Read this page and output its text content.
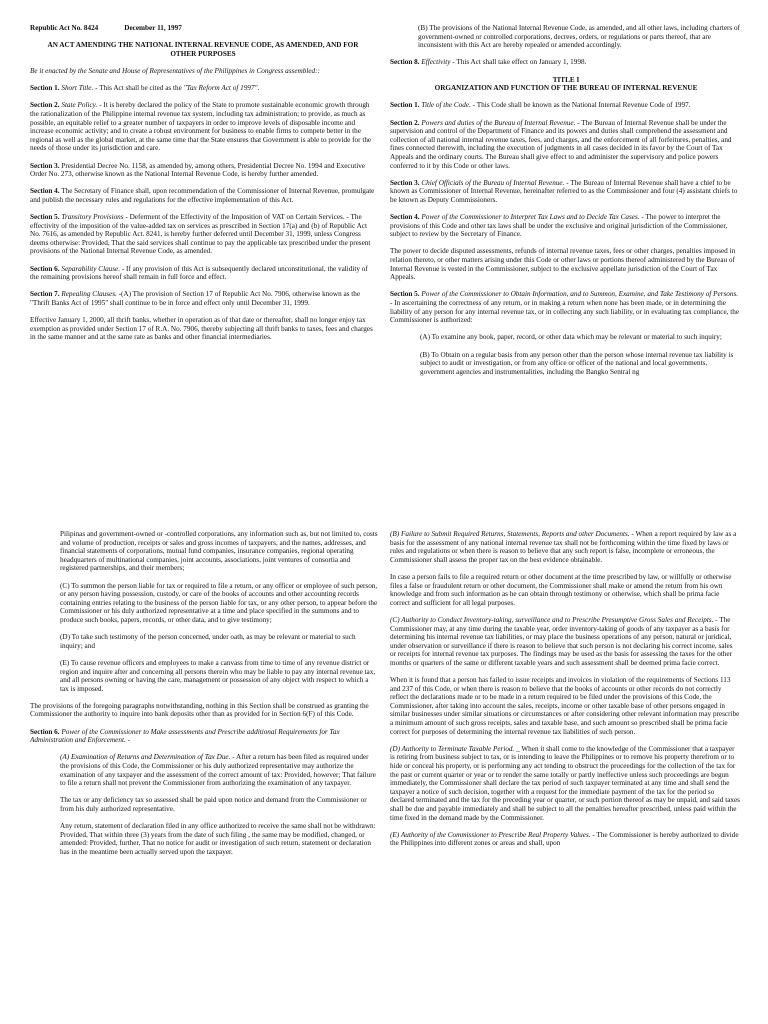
Republic Act No. 8424	December 11, 1997

AN ACT AMENDING THE NATIONAL INTERNAL REVENUE CODE, AS AMENDED, AND FOR OTHER PURPOSES

Be it enacted by the Senate and House of Representatives of the Philippines in Congress assembled::

Section 1. Short Title. - This Act shall be cited as the "Tax Reform Act of 1997".

Section 2. State Policy. - It is hereby declared the policy of the State to promote sustainable economic growth through the rationalization of the Philippine internal revenue tax system, including tax administration; to provide, as much as possible, an equitable relief to a greater number of taxpayers in order to improve levels of disposable income and increase economic activity; and to create a robust environment for business to enable firms to compete better in the regional as well as the global market, at the same time that the State ensures that Government is able to provide for the needs of those under its jurisdiction and care.

Section 3. Presidential Decree No. 1158, as amended by, among others, Presidential Decree No. 1994 and Executive Order No. 273, otherwise known as the National Internal Revenue Code, is hereby further amended.

Section 4. The Secretary of Finance shall, upon recommendation of the Commissioner of Internal Revenue, promulgate and publish the necessary rules and regulations for the effective implementation of this Act.

Section 5. Transitory Provisions - Deferment of the Effectivity of the Imposition of VAT on Certain Services. - The effectivity of the imposition of the value-added tax on services as prescribed in Section 17(a) and (b) of Republic Act No. 7616, as amended by Republic Act. 8241, is hereby further deferred until December 31, 1999, unless Congress deems otherwise: Provided, That the said services shall continue to pay the applicable tax prescribed under the present provisions of the National Internal Revenue Code, as amended.

Section 6. Separability Clause. - If any provision of this Act is subsequently declared unconstitutional, the validity of the remaining provisions hereof shall remain in full force and effect.

Section 7. Repealing Clauses. -(A) The provision of Section 17 of Republic Act No. 7906, otherwise known as the "Thrift Banks Act of 1995" shall continue to be in force and effect only until December 31, 1999.

Effective January 1, 2000, all thrift banks, whether in operation as of that date or thereafter, shall no longer enjoy tax exemption as provided under Section 17 of R.A. No. 7906, thereby subjecting all thrift banks to taxes, fees and charges in the same manner and at the same rate as banks and other financial intermediaries.

(B) The provisions of the National Internal Revenue Code, as amended, and all other laws, including charters of government-owned or controlled corporations, decrees, orders, or regulations or parts thereof, that are inconsistent with this Act are hereby repealed or amended accordingly.

Section 8. Effectivity - This Act shall take effect on January 1, 1998.

TITLE I

ORGANIZATION AND FUNCTION OF THE BUREAU OF INTERNAL REVENUE

Section 1. Title of the Code. - This Code shall be known as the National Internal Revenue Code of 1997.

Section 2. Powers and duties of the Bureau of Internal Revenue. - The Bureau of Internal Revenue shall be under the supervision and control of the Department of Finance and its powers and duties shall comprehend the assessment and collection of all national internal revenue taxes, fees, and charges, and the enforcement of all forfeitures, penalties, and fines connected therewith, including the execution of judgments in all cases decided in its favor by the Court of Tax Appeals and the ordinary courts. The Bureau shall give effect to and administer the supervisory and police powers conferred to it by this Code or other laws.

Section 3. Chief Officials of the Bureau of Internal Revenue. - The Bureau of Internal Revenue shall have a chief to be known as Commissioner of Internal Revenue, hereinafter referred to as the Commissioner and four (4) assistant chiefs to be known as Deputy Commissioners.

Section 4. Power of the Commissioner to Interpret Tax Laws and to Decide Tax Cases. - The power to interpret the provisions of this Code and other tax laws shall be under the exclusive and original jurisdiction of the Commissioner, subject to review by the Secretary of Finance.

The power to decide disputed assessments, refunds of internal revenue taxes, fees or other charges, penalties imposed in relation thereto, or other matters arising under this Code or other laws or portions thereof administered by the Bureau of Internal Revenue is vested in the Commissioner, subject to the exclusive appellate jurisdiction of the Court of Tax Appeals.

Section 5. Power of the Commissioner to Obtain Information, and to Summon, Examine, and Take Testimony of Persons. - In ascertaining the correctness of any return, or in making a return when none has been made, or in determining the liability of any person for any internal revenue tax, or in collecting any such liability, or in evaluating tax compliance, the Commissioner is authorized:

(A) To examine any book, paper, record, or other data which may be relevant or material to such inquiry;

(B) To Obtain on a regular basis from any person other than the person whose internal revenue tax liability is subject to audit or investigation, or from any office or officer of the national and local governments, government agencies and instrumentalities, including the Bangko Sentral ng

Pilipinas and government-owned or -controlled corporations, any information such as, but not limited to, costs and volume of production, receipts or sales and gross incomes of taxpayers, and the names, addresses, and financial statements of corporations, mutual fund companies, insurance companies, regional operating headquarters of multinational companies, joint accounts, associations, joint ventures of consortia and registered partnerships, and their members;

(C) To summon the person liable for tax or required to file a return, or any officer or employee of such person, or any person having possession, custody, or care of the books of accounts and other accounting records containing entries relating to the business of the person liable for tax, or any other person, to appear before the Commissioner or his duly authorized representative at a time and place specified in the summons and to produce such books, papers, records, or other data, and to give testimony;

(D) To take such testimony of the person concerned, under oath, as may be relevant or material to such inquiry; and

(E) To cause revenue officers and employees to make a canvass from time to time of any revenue district or region and inquire after and concerning all persons therein who may be liable to pay any internal revenue tax, and all persons owning or having the care, management or possession of any object with respect to which a tax is imposed.

The provisions of the foregoing paragraphs notwithstanding, nothing in this Section shall be construed as granting the Commissioner the authority to inquire into bank deposits other than as provided for in Section 6(F) of this Code.

Section 6. Power of the Commissioner to Make assessments and Prescribe additional Requirements for Tax Administration and Enforcement. -

(A) Examination of Returns and Determination of Tax Due. - After a return has been filed as required under the provisions of this Code, the Commissioner or his duly authorized representative may authorize the examination of any taxpayer and the assessment of the correct amount of tax: Provided, however; That failure to file a return shall not prevent the Commissioner from authorizing the examination of any taxpayer.

The tax or any deficiency tax so assessed shall be paid upon notice and demand from the Commissioner or from his duly authorized representative.

Any return, statement of declaration filed in any office authorized to receive the same shall not be withdrawn: Provided, That within three (3) years from the date of such filing , the same may be modified, changed, or amended: Provided, further, That no notice for audit or investigation of such return, statement or declaration has in the meantime been actually served upon the taxpayer.

(B) Failure to Submit Required Returns, Statements, Reports and other Documents. - When a report required by law as a basis for the assessment of any national internal revenue tax shall not be forthcoming within the time fixed by laws or rules and regulations or when there is reason to believe that any such report is false, incomplete or erroneous, the Commissioner shall assess the proper tax on the best evidence obtainable.

In case a person fails to file a required return or other document at the time prescribed by law, or willfully or otherwise files a false or fraudulent return or other document, the Commissioner shall make or amend the return from his own knowledge and from such information as he can obtain through testimony or otherwise, which shall be prima facie correct and sufficient for all legal purposes.

(C) Authority to Conduct Inventory-taking, surveillance and to Prescribe Presumptive Gross Sales and Receipts. - The Commissioner may, at any time during the taxable year, order inventory-taking of goods of any taxpayer as a basis for determining his internal revenue tax liabilities, or may place the business operations of any person, natural or juridical, under observation or surveillance if there is reason to believe that such person is not declaring his correct income, sales or receipts for internal revenue tax purposes. The findings may be used as the basis for assessing the taxes for the other months or quarters of the same or different taxable years and such assessment shall be deemed prima facie correct.

When it is found that a person has failed to issue receipts and invoices in violation of the requirements of Sections 113 and 237 of this Code, or when there is reason to believe that the books of accounts or other records do not correctly reflect the declarations made or to be made in a return required to be filed under the provisions of this Code, the Commissioner, after taking into account the sales, receipts, income or other taxable base of other persons engaged in similar businesses under similar situations or circumstances or after considering other relevant information may prescribe a minimum amount of such gross receipts, sales and taxable base, and such amount so prescribed shall be prima facie correct for purposes of determining the internal revenue tax liabilities of such person.

(D) Authority to Terminate Taxable Period. _ When it shall come to the knowledge of the Commissioner that a taxpayer is retiring from business subject to tax, or is intending to leave the Philippines or to remove his property therefrom or to hide or conceal his property, or is performing any act tending to obstruct the proceedings for the collection of the tax for the past or current quarter or year or to render the same totally or partly ineffective unless such proceedings are begun immediately, the Commissioner shall declare the tax period of such taxpayer terminated at any time and shall send the taxpayer a notice of such decision, together with a request for the immediate payment of the tax for the period so declared terminated and the tax for the preceding year or quarter, or such portion thereof as may be unpaid, and said taxes shall be due and payable immediately and shall be subject to all the penalties hereafter prescribed, unless paid within the time fixed in the demand made by the Commissioner.

(E) Authority of the Commissioner to Prescribe Real Property Values. - The Commissioner is hereby authorized to divide the Philippines into different zones or areas and shall, upon
